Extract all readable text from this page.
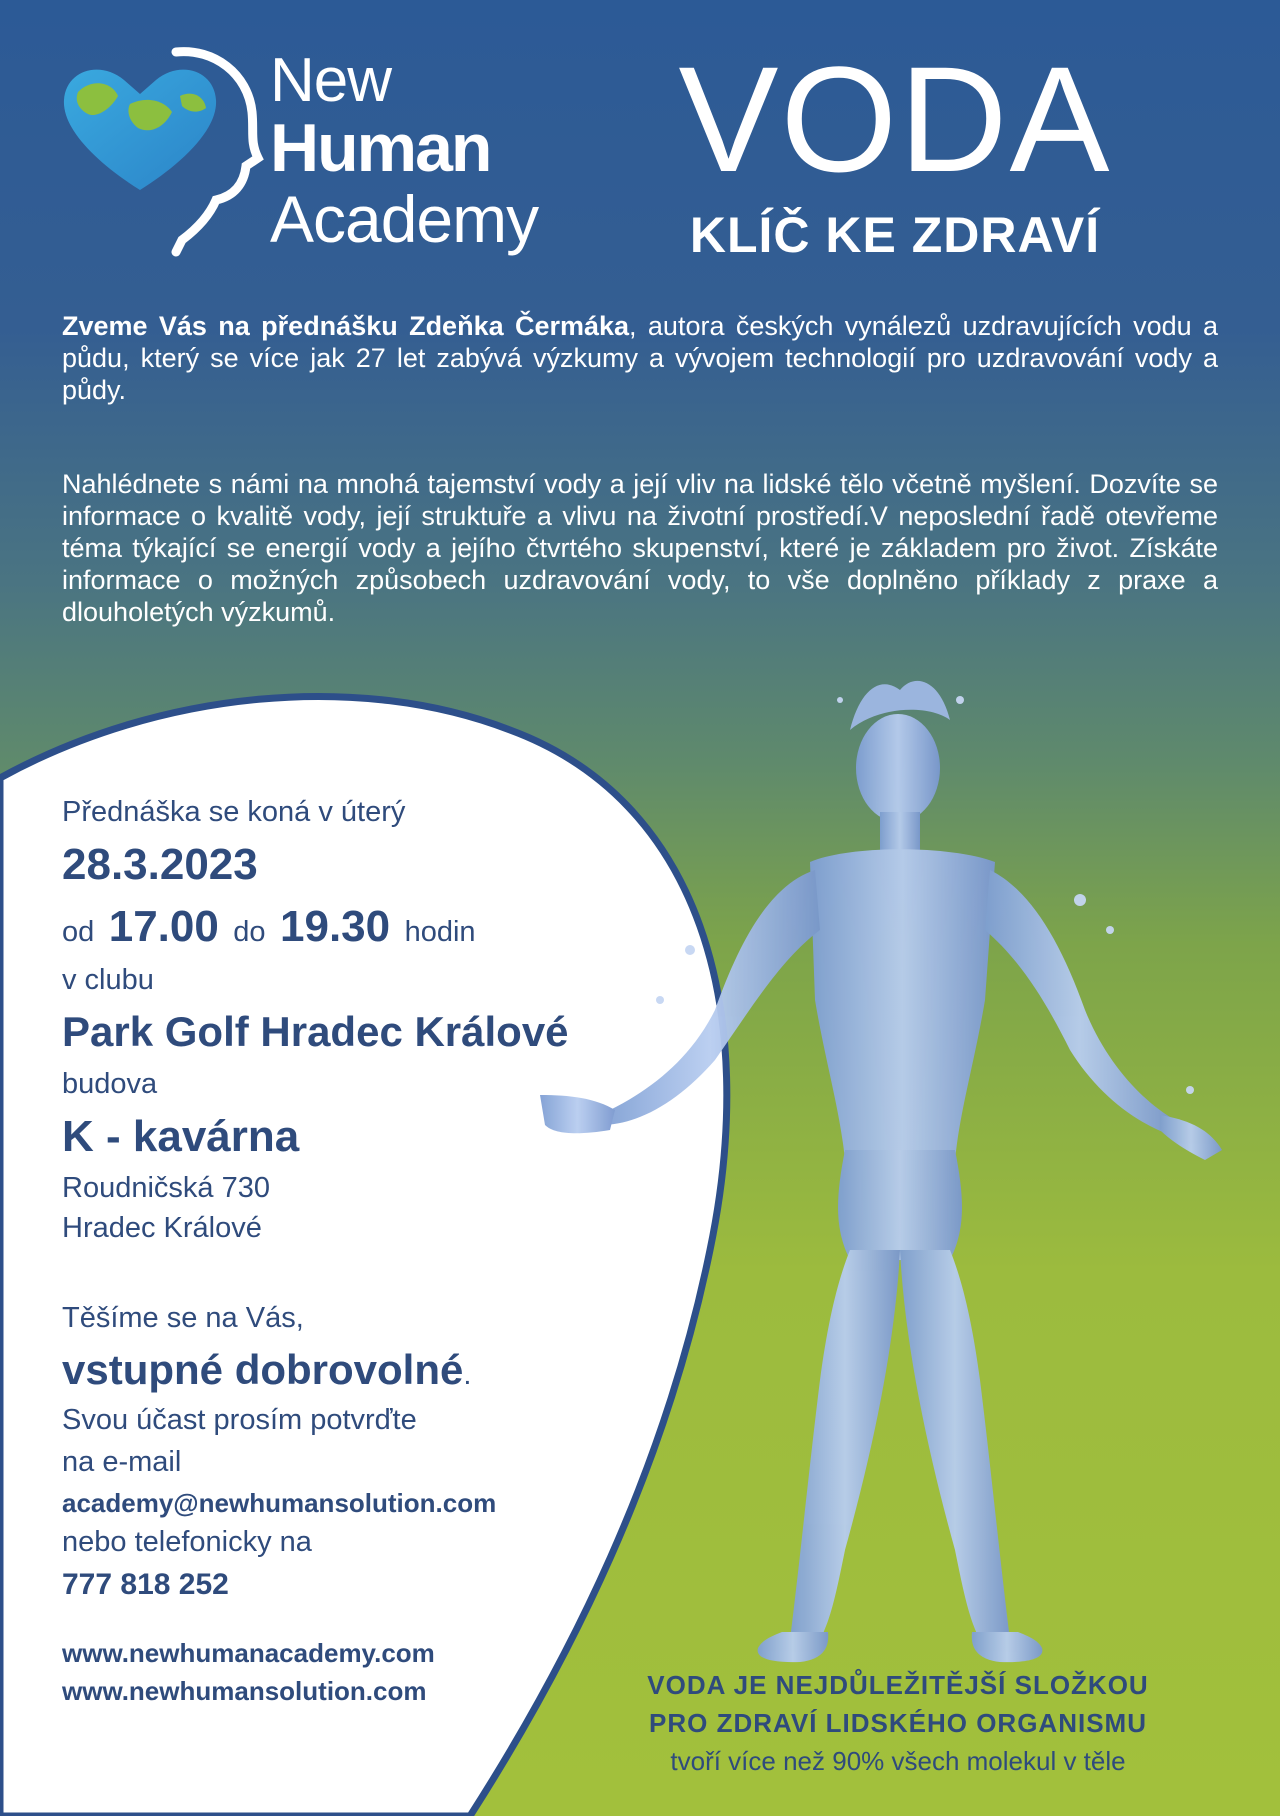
New
Human
Academy
VODA
KLÍČ KE ZDRAVÍ
Zveme Vás na přednášku Zdeňka Čermáka, autora českých vynálezů uzdravujících vodu a půdu, který se více jak 27 let zabývá výzkumy a vývojem technologií pro uzdravování vody a půdy.
Nahlédnete s námi na mnohá tajemství vody a její vliv na lidské tělo včetně myšlení. Dozvíte se informace o kvalitě vody, její struktuře a vlivu na životní prostředí.V neposlední řadě otevřeme téma týkající se energií vody a jejího čtvrtého skupenství, které je základem pro život. Získáte informace o možných způsobech uzdravování vody, to vše doplněno příklady z praxe a dlouholetých výzkumů.
Přednáška se koná v úterý
28.3.2023
od 17.00 do 19.30 hodin
v clubu
Park Golf Hradec Králové
budova
K - kavárna
Roudničská 730
Hradec Králové
Těšíme se na Vás,
vstupné dobrovolné.
Svou účast prosím potvrďte
na e-mail
academy@newhumansolution.com
nebo telefonicky na
777 818 252
www.newhumanacademy.com
www.newhumansolution.com	VODA JE NEJDŮLEŽITĚJŠÍ SLOŽKOU
PRO ZDRAVÍ LIDSKÉHO ORGANISMU
tvoří více než 90% všech molekul v těle
